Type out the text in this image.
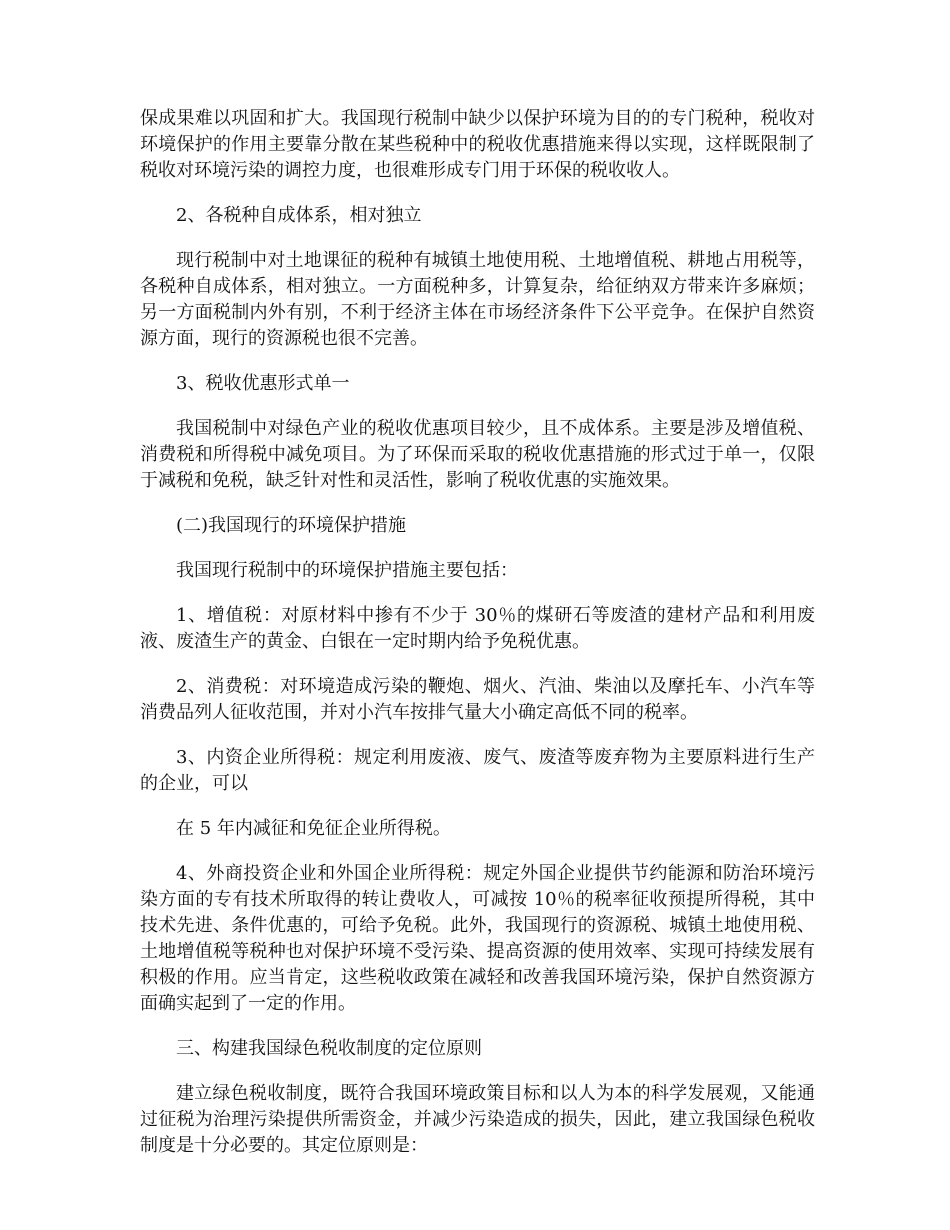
保成果难以巩固和扩大。我国现行税制中缺少以保护环境为目的的专门税种，税收对环境保护的作用主要靠分散在某些税种中的税收优惠措施来得以实现，这样既限制了税收对环境污染的调控力度，也很难形成专门用于环保的税收收人。

2、各税种自成体系，相对独立

现行税制中对土地课征的税种有城镇土地使用税、土地增值税、耕地占用税等，各税种自成体系，相对独立。一方面税种多，计算复杂，给征纳双方带来许多麻烦；另一方面税制内外有别，不利于经济主体在市场经济条件下公平竞争。在保护自然资源方面，现行的资源税也很不完善。

3、税收优惠形式单一

我国税制中对绿色产业的税收优惠项目较少，且不成体系。主要是涉及增值税、消费税和所得税中减免项目。为了环保而采取的税收优惠措施的形式过于单一，仅限于减税和免税，缺乏针对性和灵活性，影响了税收优惠的实施效果。

(二)我国现行的环境保护措施

我国现行税制中的环境保护措施主要包括：

1、增值税：对原材料中掺有不少于 30％的煤研石等废渣的建材产品和利用废液、废渣生产的黄金、白银在一定时期内给予免税优惠。

2、消费税：对环境造成污染的鞭炮、烟火、汽油、柴油以及摩托车、小汽车等消费品列人征收范围，并对小汽车按排气量大小确定高低不同的税率。

3、内资企业所得税：规定利用废液、废气、废渣等废弃物为主要原料进行生产的企业，可以

在 5 年内减征和免征企业所得税。

4、外商投资企业和外国企业所得税：规定外国企业提供节约能源和防治环境污染方面的专有技术所取得的转让费收人，可减按 10％的税率征收预提所得税，其中技术先进、条件优惠的，可给予免税。此外，我国现行的资源税、城镇土地使用税、土地增值税等税种也对保护环境不受污染、提高资源的使用效率、实现可持续发展有积极的作用。应当肯定，这些税收政策在减轻和改善我国环境污染，保护自然资源方面确实起到了一定的作用。

三、构建我国绿色税收制度的定位原则

建立绿色税收制度，既符合我国环境政策目标和以人为本的科学发展观，又能通过征税为治理污染提供所需资金，并减少污染造成的损失，因此，建立我国绿色税收制度是十分必要的。其定位原则是：
